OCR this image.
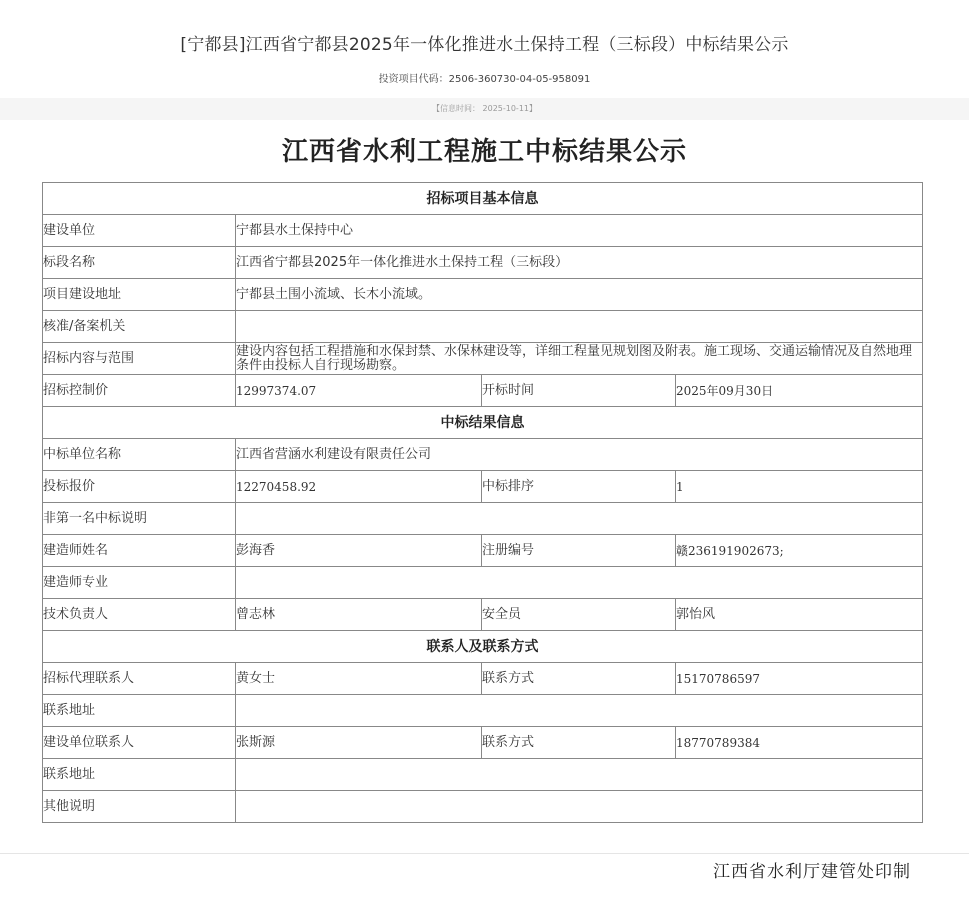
[宁都县]江西省宁都县2025年一体化推进水土保持工程（三标段）中标结果公示
投资项目代码：2506-360730-04-05-958091
【信息时间： 2025-10-11】
江西省水利工程施工中标结果公示
招标项目基本信息			
建设单位	宁都县水土保持中心		
标段名称	江西省宁都县2025年一体化推进水土保持工程（三标段）		
项目建设地址	宁都县土围小流域、长木小流域。		
核准/备案机关			
招标内容与范围	建设内容包括工程措施和水保封禁、水保林建设等，详细工程量见规划图及附表。施工现场、交通运输情况及自然地理条件由投标人自行现场勘察。		
招标控制价	12997374.07	开标时间	2025年09月30日
中标结果信息			
中标单位名称	江西省营涵水利建设有限责任公司		
投标报价	12270458.92	中标排序	1
非第一名中标说明			
建造师姓名	彭海香	注册编号	赣236191902673;
建造师专业			
技术负责人	曾志林	安全员	郭怡风
联系人及联系方式			
招标代理联系人	黄女士	联系方式	15170786597
联系地址			
建设单位联系人	张斯源	联系方式	18770789384
联系地址			
其他说明			
江西省水利厅建管处印制
